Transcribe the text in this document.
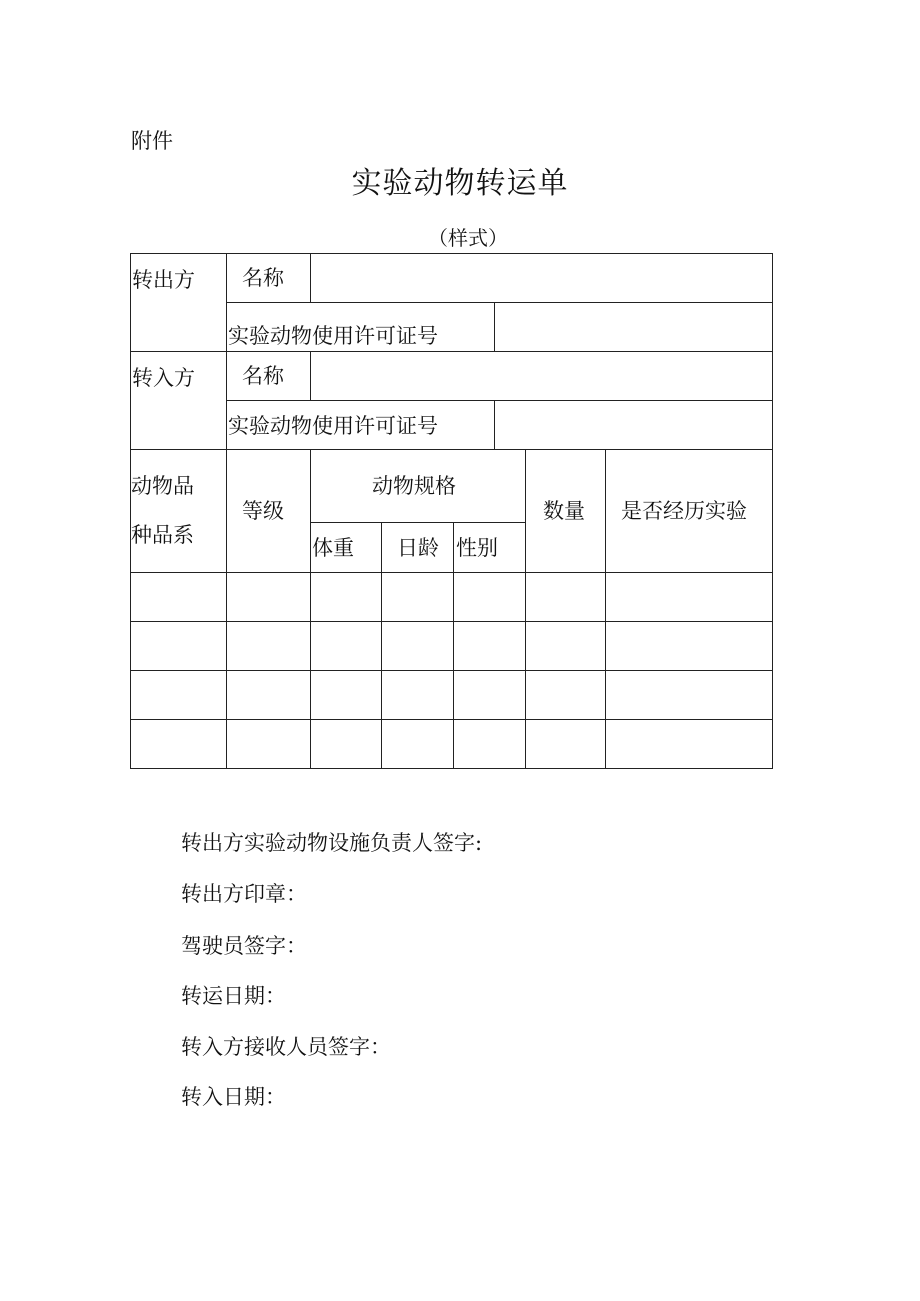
附件
实验动物转运单
（样式）
转出方 名称
实验动物使用许可证号
转入方 名称
实验动物使用许可证号
动物品
种品系
等级
动物规格
体重 日龄 性别
数量 是否经历实验
转出方实验动物设施负责人签字:
转出方印章：
驾驶员签字：
转运日期：
转入方接收人员签字：
转入日期：
